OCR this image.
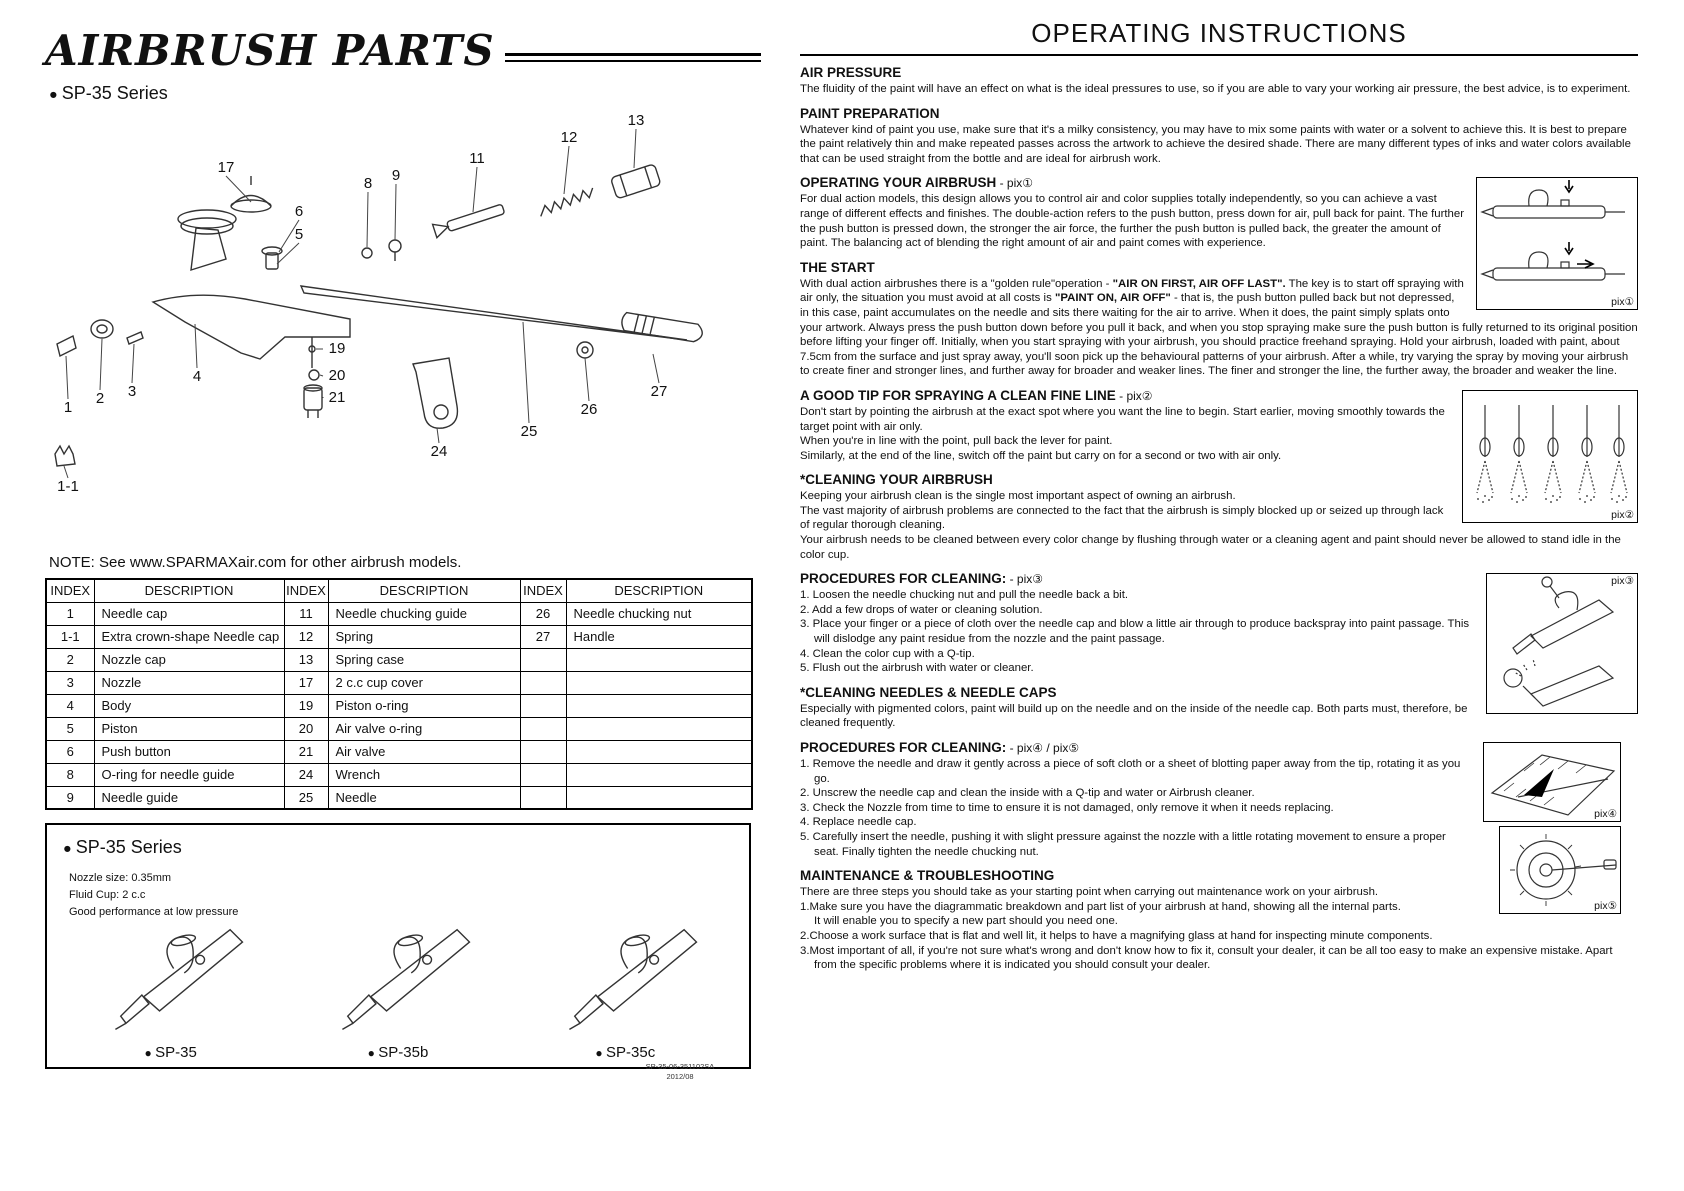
AIRBRUSH PARTS
● SP-35 Series
17
6
5
8 9
11
12
13
19
20
21
24
25
26
27
4
3
2
1
1-1
NOTE: See www.SPARMAXair.com for other airbrush models.
INDEX	DESCRIPTION	INDEX	DESCRIPTION	INDEX	DESCRIPTION
1	Needle cap	11	Needle chucking guide	26	Needle chucking nut
1-1	Extra crown-shape Needle cap	12	Spring	27	Handle
2	Nozzle cap	13	Spring case		
3	Nozzle	17	2 c.c cup cover		
4	Body	19	Piston o-ring		
5	Piston	20	Air valve o-ring		
6	Push button	21	Air valve		
8	O-ring for needle guide	24	Wrench		
9	Needle guide	25	Needle		
● SP-35 Series
Nozzle size: 0.35mm
Fluid Cup: 2 c.c
Good performance at low pressure
● SP-35	● SP-35b	● SP-35c
SP-35-06-351102SA
2012/08
OPERATING INSTRUCTIONS
AIR PRESSURE
The fluidity of the paint will have an effect on what is the ideal pressures to use, so if you are able to vary your working air pressure, the best advice, is to experiment.
PAINT PREPARATION
Whatever kind of paint you use, make sure that it's a milky consistency, you may have to mix some paints with water or a solvent to achieve this. It is best to prepare the paint relatively thin and make repeated passes across the artwork to achieve the desired shade. There are many different types of inks and water colors available that can be used straight from the bottle and are ideal for airbrush work.
pix①
OPERATING YOUR AIRBRUSH - pix①
For dual action models, this design allows you to control air and color supplies totally independently, so you can achieve a vast range of different effects and finishes. The double-action refers to the push button, press down for air, pull back for paint. The further the push button is pressed down, the stronger the air force, the further the push button is pulled back, the greater the amount of paint. The balancing act of blending the right amount of air and paint comes with experience.
THE START
With dual action airbrushes there is a "golden rule"operation - "AIR ON FIRST, AIR OFF LAST". The key is to start off spraying with air only, the situation you must avoid at all costs is "PAINT ON, AIR OFF" - that is, the push button pulled back but not depressed, in this case, paint accumulates on the needle and sits there waiting for the air to arrive. When it does, the paint simply splats onto your artwork. Always press the push button down before you pull it back, and when you stop spraying make sure the push button is fully returned to its original position before lifting your finger off. Initially, when you start spraying with your airbrush, you should practice freehand spraying. Hold your airbrush, loaded with paint, about 7.5cm from the surface and just spray away, you'll soon pick up the behavioural patterns of your airbrush. After a while, try varying the spray by moving your airbrush to create finer and stronger lines, and further away for broader and weaker lines. The finer and stronger the line, the further away, the broader and weaker the line.
pix②
A GOOD TIP FOR SPRAYING A CLEAN FINE LINE - pix②
Don't start by pointing the airbrush at the exact spot where you want the line to begin. Start earlier, moving smoothly towards the target point with air only.
When you're in line with the point, pull back the lever for paint.
Similarly, at the end of the line, switch off the paint but carry on for a second or two with air only.
*CLEANING YOUR AIRBRUSH
Keeping your airbrush clean is the single most important aspect of owning an airbrush.
The vast majority of airbrush problems are connected to the fact that the airbrush is simply blocked up or seized up through lack of regular thorough cleaning.
Your airbrush needs to be cleaned between every color change by flushing through water or a cleaning agent and paint should never be allowed to stand idle in the color cup.
pix③
PROCEDURES FOR CLEANING: - pix③
1. Loosen the needle chucking nut and pull the needle back a bit.
2. Add a few drops of water or cleaning solution.
3. Place your finger or a piece of cloth over the needle cap and blow a little air through to produce backspray into paint passage. This will dislodge any paint residue from the nozzle and the paint passage.
4. Clean the color cup with a Q-tip.
5. Flush out the airbrush with water or cleaner.
*CLEANING NEEDLES & NEEDLE CAPS
Especially with pigmented colors, paint will build up on the needle and on the inside of the needle cap. Both parts must, therefore, be cleaned frequently.
pix④
pix⑤
PROCEDURES FOR CLEANING: - pix④ / pix⑤
1. Remove the needle and draw it gently across a piece of soft cloth or a sheet of blotting paper away from the tip, rotating it as you go.
2. Unscrew the needle cap and clean the inside with a Q-tip and water or Airbrush cleaner.
3. Check the Nozzle from time to time to ensure it is not damaged, only remove it when it needs replacing.
4. Replace needle cap.
5. Carefully insert the needle, pushing it with slight pressure against the nozzle with a little rotating movement to ensure a proper seat. Finally tighten the needle chucking nut.
MAINTENANCE & TROUBLESHOOTING
There are three steps you should take as your starting point when carrying out maintenance work on your airbrush.
1.Make sure you have the diagrammatic breakdown and part list of your airbrush at hand, showing all the internal parts.
It will enable you to specify a new part should you need one.
2.Choose a work surface that is flat and well lit, it helps to have a magnifying glass at hand for inspecting minute components.
3.Most important of all, if you're not sure what's wrong and don't know how to fix it, consult your dealer, it can be all too easy to make an expensive mistake. Apart from the specific problems where it is indicated you should consult your dealer.
